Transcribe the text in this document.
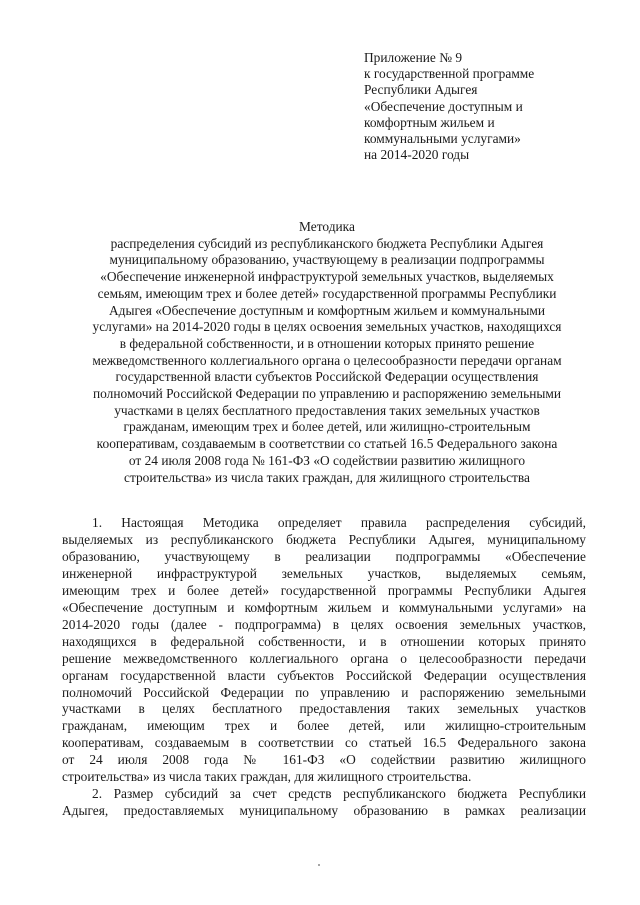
Приложение № 9
к государственной программе
Республики Адыгея
«Обеспечение доступным и
комфортным жильем и
коммунальными услугами»
на 2014-2020 годы
Методика
распределения субсидий из республиканского бюджета Республики Адыгея
муниципальному образованию, участвующему в реализации подпрограммы
«Обеспечение инженерной инфраструктурой земельных участков, выделяемых
семьям, имеющим трех и более детей» государственной программы Республики
Адыгея «Обеспечение доступным и комфортным жильем и коммунальными
услугами» на 2014-2020 годы в целях освоения земельных участков, находящихся
в федеральной собственности, и в отношении которых принято решение
межведомственного коллегиального органа о целесообразности передачи органам
государственной власти субъектов Российской Федерации осуществления
полномочий Российской Федерации по управлению и распоряжению земельными
участками в целях бесплатного предоставления таких земельных участков
гражданам, имеющим трех и более детей, или жилищно-строительным
кооперативам, создаваемым в соответствии со статьей 16.5 Федерального закона
от 24 июля 2008 года № 161-ФЗ «О содействии развитию жилищного
строительства» из числа таких граждан, для жилищного строительства
1. Настоящая Методика определяет правила распределения субсидий,
выделяемых из республиканского бюджета Республики Адыгея, муниципальному
образованию, участвующему в реализации подпрограммы «Обеспечение
инженерной инфраструктурой земельных участков, выделяемых семьям,
имеющим трех и более детей» государственной программы Республики Адыгея
«Обеспечение доступным и комфортным жильем и коммунальными услугами» на
2014-2020 годы (далее - подпрограмма) в целях освоения земельных участков,
находящихся в федеральной собственности, и в отношении которых принято
решение межведомственного коллегиального органа о целесообразности передачи
органам государственной власти субъектов Российской Федерации осуществления
полномочий Российской Федерации по управлению и распоряжению земельными
участками в целях бесплатного предоставления таких земельных участков
гражданам, имеющим трех и более детей, или жилищно-строительным
кооперативам, создаваемым в соответствии со статьей 16.5 Федерального закона
от 24 июля 2008 года № 161-ФЗ «О содействии развитию жилищного
строительства» из числа таких граждан, для жилищного строительства.
2. Размер субсидий за счет средств республиканского бюджета Республики
Адыгея, предоставляемых муниципальному образованию в рамках реализации
